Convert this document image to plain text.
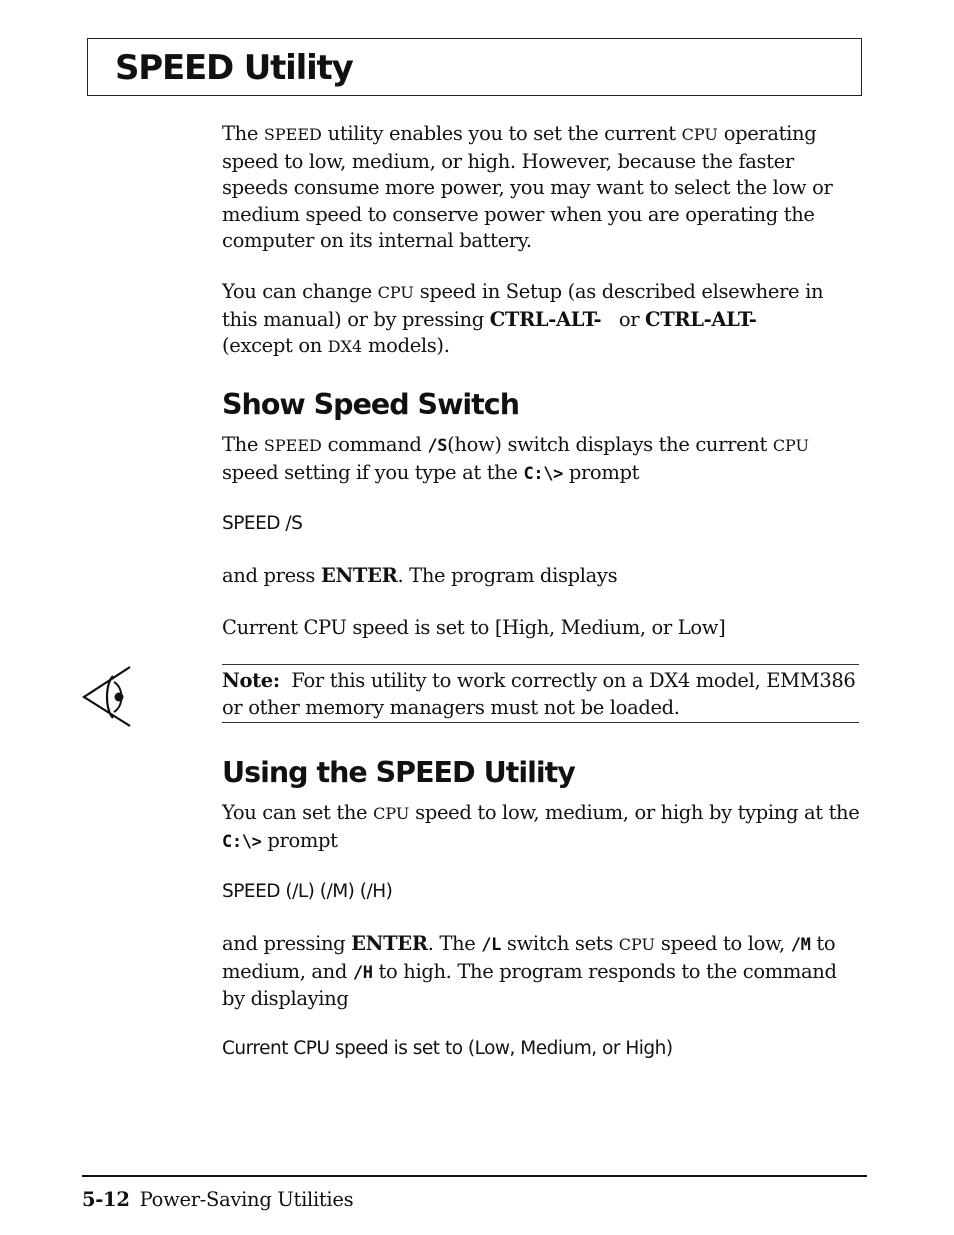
SPEED Utility

The SPEED utility enables you to set the current CPU operating speed to low, medium, or high. However, because the faster speeds consume more power, you may want to select the low or medium speed to conserve power when you are operating the computer on its internal battery.

You can change CPU speed in Setup (as described elsewhere in this manual) or by pressing CTRL-ALT-   or CTRL-ALT-
(except on DX4 models).

Show Speed Switch

The SPEED command /S(how) switch displays the current CPU speed setting if you type at the C:\> prompt

SPEED /S

and press ENTER. The program displays

Current CPU speed is set to [High, Medium, or Low]

Note: For this utility to work correctly on a DX4 model, EMM386 or other memory managers must not be loaded.

Using the SPEED Utility

You can set the CPU speed to low, medium, or high by typing at the C:\> prompt

SPEED (/L) (/M) (/H)

and pressing ENTER. The /L switch sets CPU speed to low, /M to medium, and /H to high. The program responds to the command by displaying

Current CPU speed is set to (Low, Medium, or High)

5-12 Power-Saving Utilities
